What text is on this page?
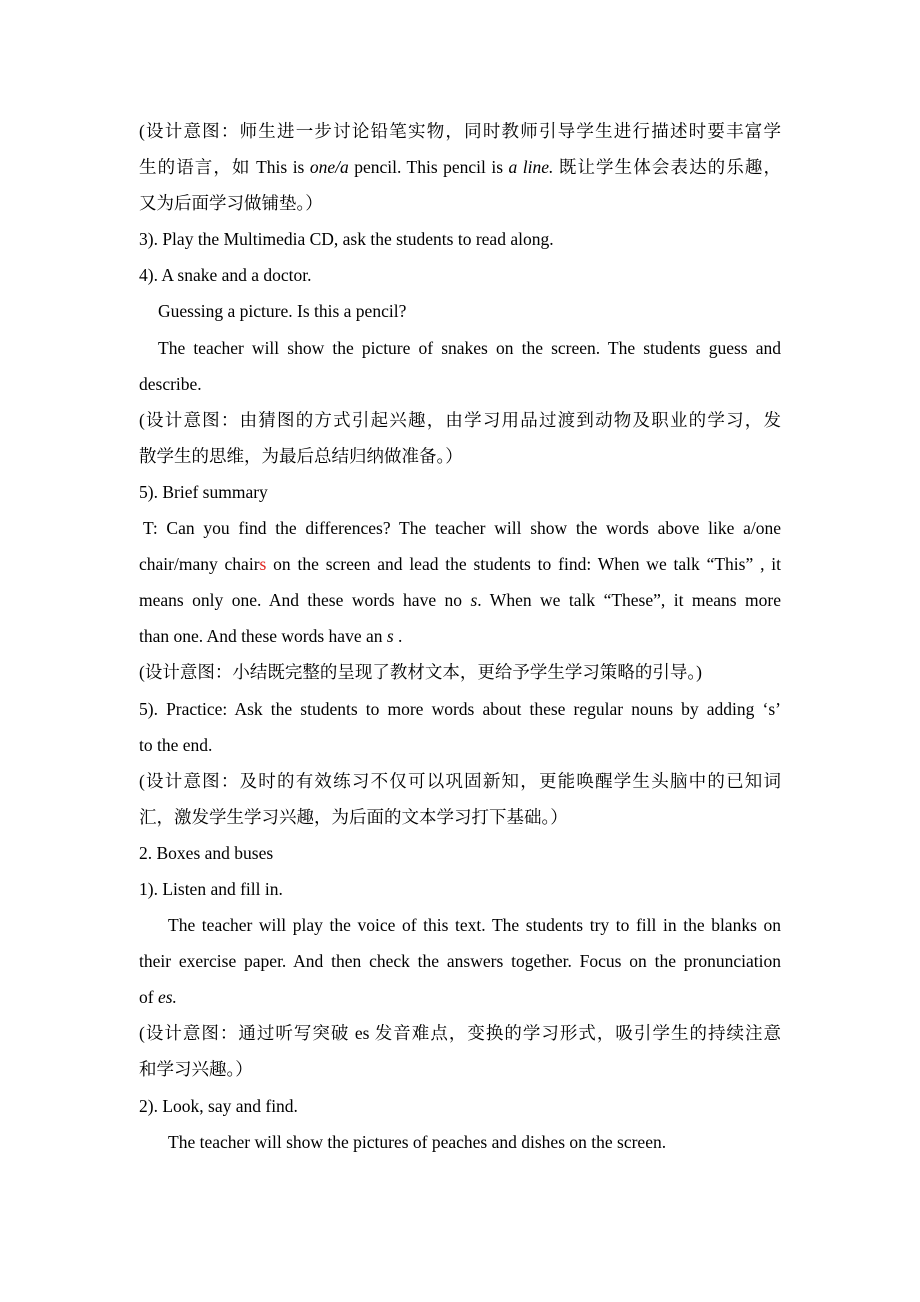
(设计意图：师生进一步讨论铅笔实物，同时教师引导学生进行描述时要丰富学
生的语言，如 This is one/a pencil. This pencil is a line. 既让学生体会表达的乐趣，
又为后面学习做铺垫。）
3). Play the Multimedia CD, ask the students to read along.
4). A snake and a doctor.
Guessing a picture. Is this a pencil?
The teacher will show the picture of snakes on the screen. The students guess and
describe.
(设计意图：由猜图的方式引起兴趣，由学习用品过渡到动物及职业的学习，发
散学生的思维，为最后总结归纳做准备。）
5). Brief summary
T: Can you find the differences? The teacher will show the words above like a/one
chair/many chairs on the screen and lead the students to find: When we talk “This” , it
means only one. And these words have no s. When we talk “These”, it means more
than one. And these words have an s .
(设计意图：小结既完整的呈现了教材文本，更给予学生学习策略的引导。)
5). Practice: Ask the students to more words about these regular nouns by adding ‘s’
to the end.
(设计意图：及时的有效练习不仅可以巩固新知，更能唤醒学生头脑中的已知词
汇，激发学生学习兴趣，为后面的文本学习打下基础。）
2. Boxes and buses
1). Listen and fill in.
The teacher will play the voice of this text. The students try to fill in the blanks on
their exercise paper. And then check the answers together. Focus on the pronunciation
of es.
(设计意图：通过听写突破 es 发音难点，变换的学习形式，吸引学生的持续注意
和学习兴趣。）
2). Look, say and find.
The teacher will show the pictures of peaches and dishes on the screen.
